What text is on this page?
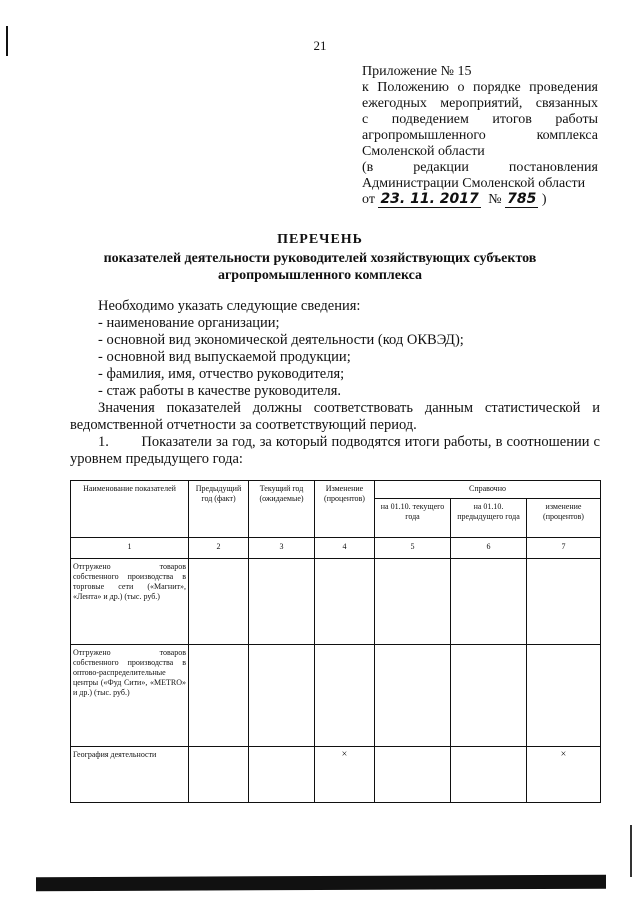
21
Приложение № 15
к Положению о порядке проведения
ежегодных мероприятий, связанных
с подведением итогов работы
агропромышленного комплекса
Смоленской области
(в редакции постановления
Администрации Смоленской области
от 23. 11. 2017 № 785 )
ПЕРЕЧЕНЬ
показателей деятельности руководителей хозяйствующих субъектов агропромышленного комплекса
Необходимо указать следующие сведения:
- наименование организации;
- основной вид экономической деятельности (код ОКВЭД);
- основной вид выпускаемой продукции;
- фамилия, имя, отчество руководителя;
- стаж работы в качестве руководителя.
Значения показателей должны соответствовать данным статистической и ведомственной отчетности за соответствующий период.
1.        Показатели за год, за который подводятся итоги работы, в соотношении с уровнем предыдущего года:
Наименование показателей	Предыдущий год (факт)	Текущий год (ожидаемые)	Изменение (процентов)	Справочно		
				на 01.10. текущего года	на 01.10. предыдущего года	изменение (процентов)
1	2	3	4	5	6	7
Отгружено товаров собственного производства в торговые сети («Магнит», «Лента» и др.) (тыс. руб.)						
Отгружено товаров собственного производства в оптово-распределительные центры («Фуд Сити», «METRO» и др.) (тыс. руб.)						
География деятельности			×			×
